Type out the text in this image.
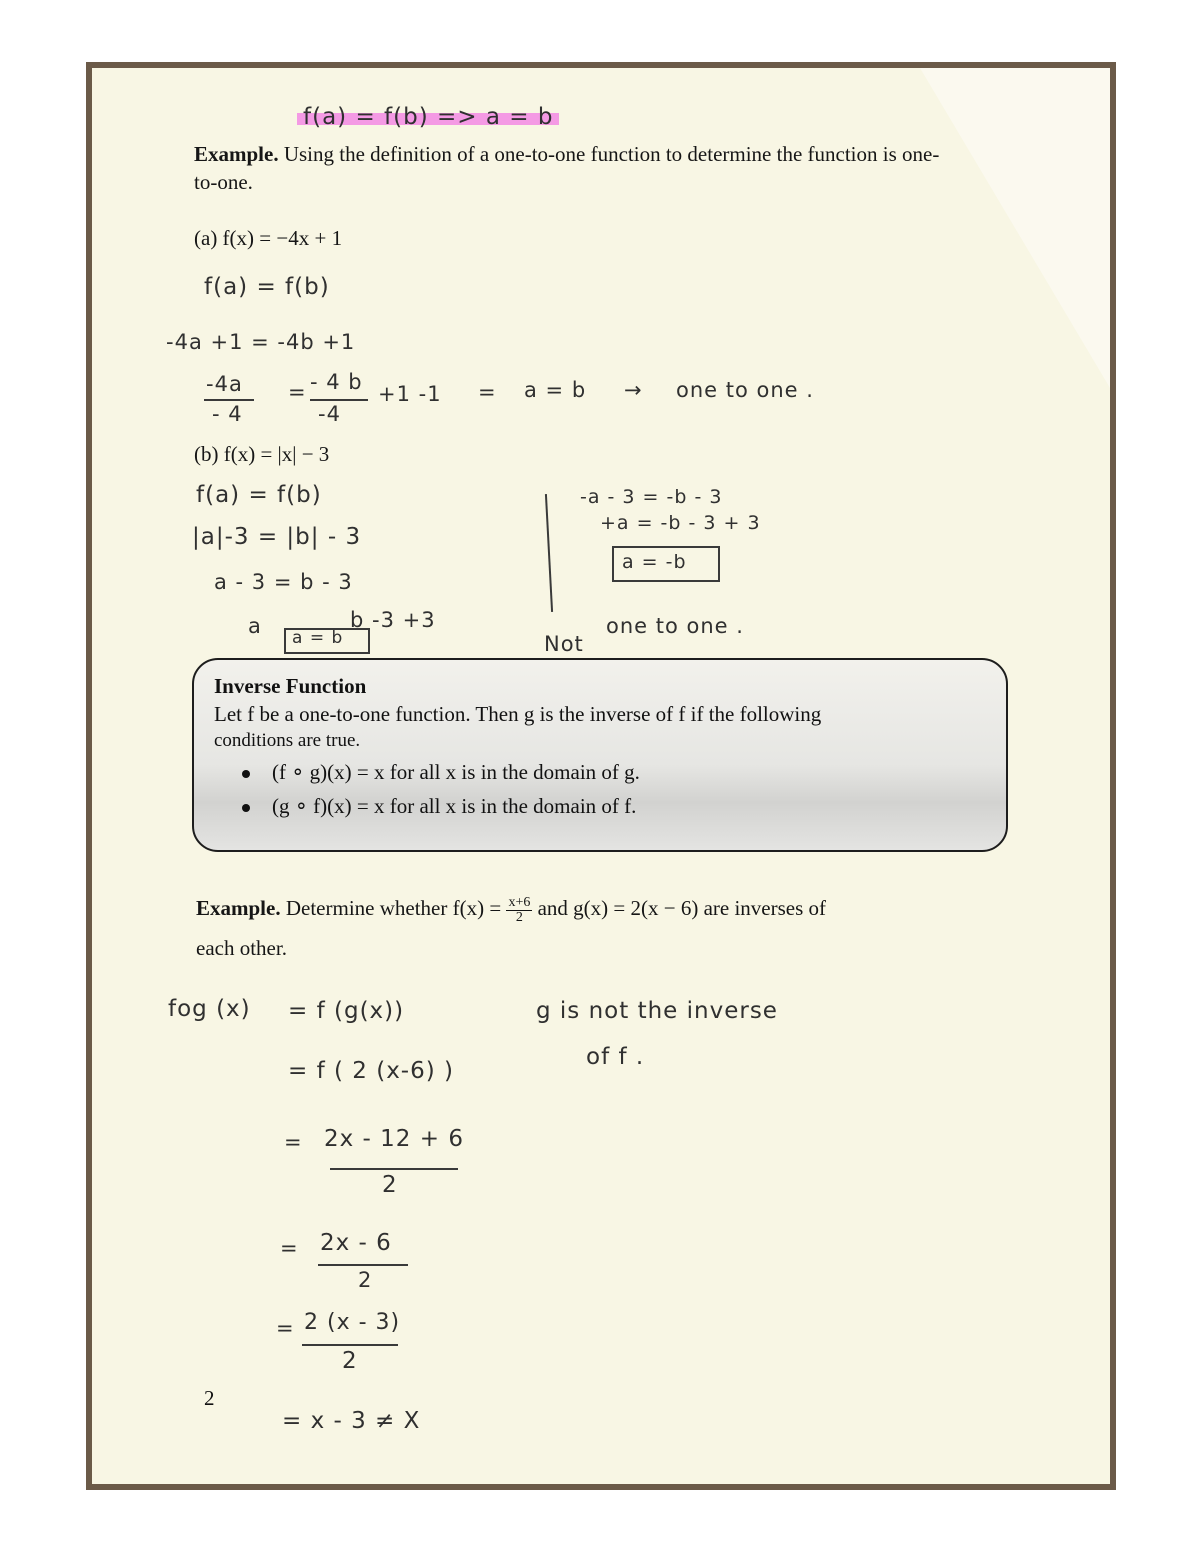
f(a) = f(b) => a = b
Example. Using the definition of a one-to-one function to determine the function is one-to-one.
(a) f(x) = −4x + 1
f(a) = f(b)
-4a +1 = -4b +1
-4a
- 4
= - 4 b
-4
+1 -1 = a = b → one to one .
(b) f(x) = |x| − 3
f(a) = f(b)
|a|-3 = |b| - 3
a - 3 = b - 3
a	b -3 +3
a = b
-a - 3 = -b - 3
+a = -b - 3 + 3
a = -b
Not
one to one .
Inverse Function
Let f be a one-to-one function. Then g is the inverse of f if the following
conditions are true.
(f ∘ g)(x) = x for all x is in the domain of g.
(g ∘ f)(x) = x for all x is in the domain of f.
Example. Determine whether $f(x) = \frac{x+6}{2}$ and g(x) = 2(x − 6) are inverses of
each other.
fog (x) = f (g(x))
= f ( 2 (x-6) )
= 2x - 12 + 6
2
= 2x - 6
2
= 2 (x - 3)
2
= x - 3 ≠ X
g is not the inverse
of f .
2
